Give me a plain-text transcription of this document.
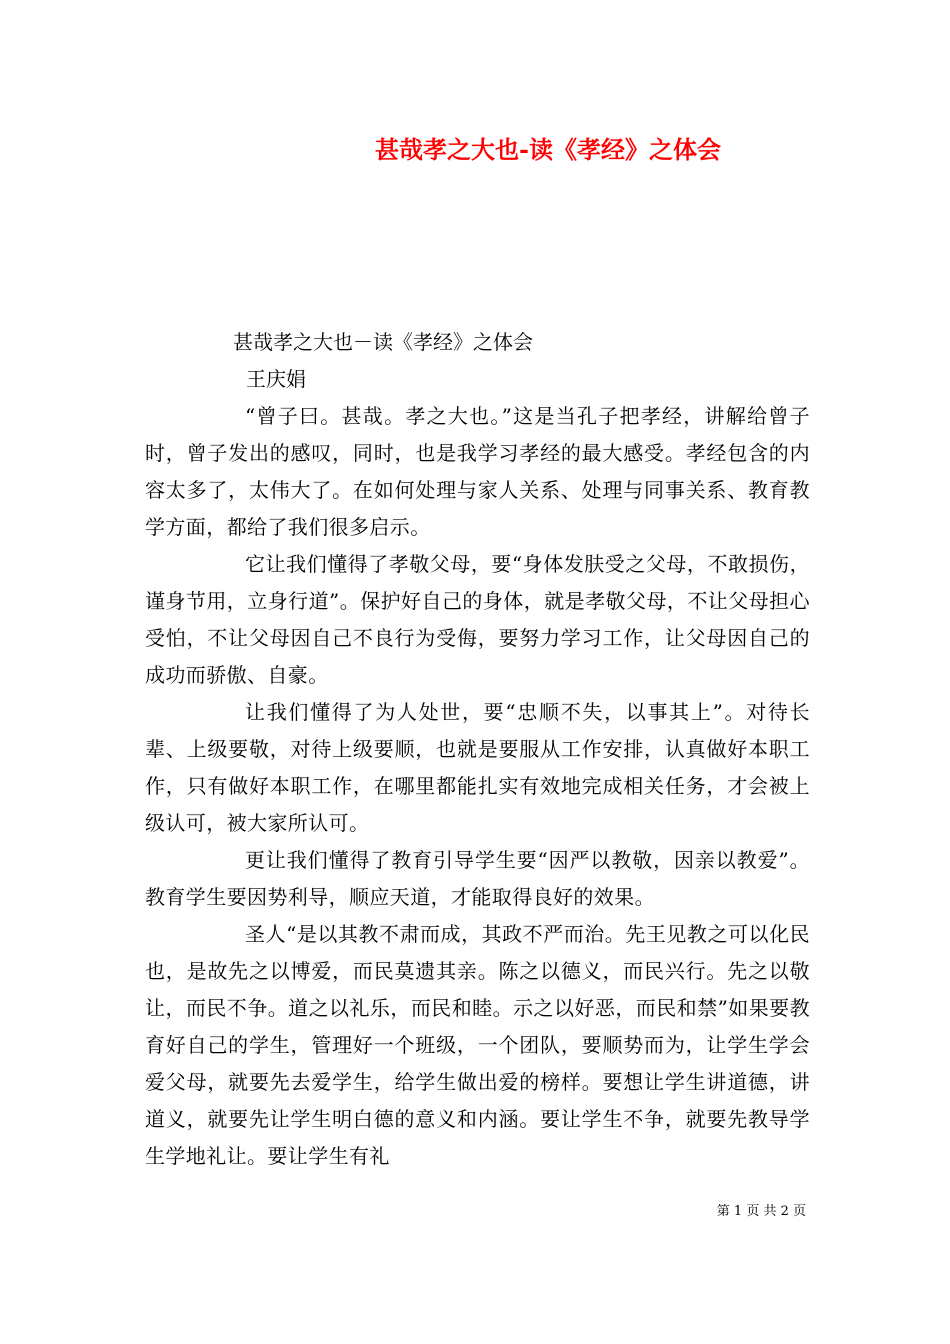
甚哉孝之大也-读《孝经》之体会
甚哉孝之大也－读《孝经》之体会
王庆娟

“曾子曰。甚哉。孝之大也。”这是当孔子把孝经，讲解给曾子时，曾子发出的感叹，同时，也是我学习孝经的最大感受。孝经包含的内容太多了，太伟大了。在如何处理与家人关系、处理与同事关系、教育教学方面，都给了我们很多启示。

它让我们懂得了孝敬父母，要“身体发肤受之父母，不敢损伤，谨身节用，立身行道”。保护好自己的身体，就是孝敬父母，不让父母担心受怕，不让父母因自己不良行为受侮，要努力学习工作，让父母因自己的成功而骄傲、自豪。

让我们懂得了为人处世，要“忠顺不失，以事其上”。对待长辈、上级要敬，对待上级要顺，也就是要服从工作安排，认真做好本职工作，只有做好本职工作，在哪里都能扎实有效地完成相关任务，才会被上级认可，被大家所认可。

更让我们懂得了教育引导学生要“因严以教敬，因亲以教爱”。教育学生要因势利导，顺应天道，才能取得良好的效果。

圣人“是以其教不肃而成，其政不严而治。先王见教之可以化民也，是故先之以博爱，而民莫遗其亲。陈之以德义，而民兴行。先之以敬让，而民不争。道之以礼乐，而民和睦。示之以好恶，而民和禁”如果要教育好自己的学生，管理好一个班级，一个团队，要顺势而为，让学生学会爱父母，就要先去爱学生，给学生做出爱的榜样。要想让学生讲道德，讲道义，就要先让学生明白德的意义和内涵。要让学生不争，就要先教导学生学地礼让。要让学生有礼

第 1 页 共 2 页
